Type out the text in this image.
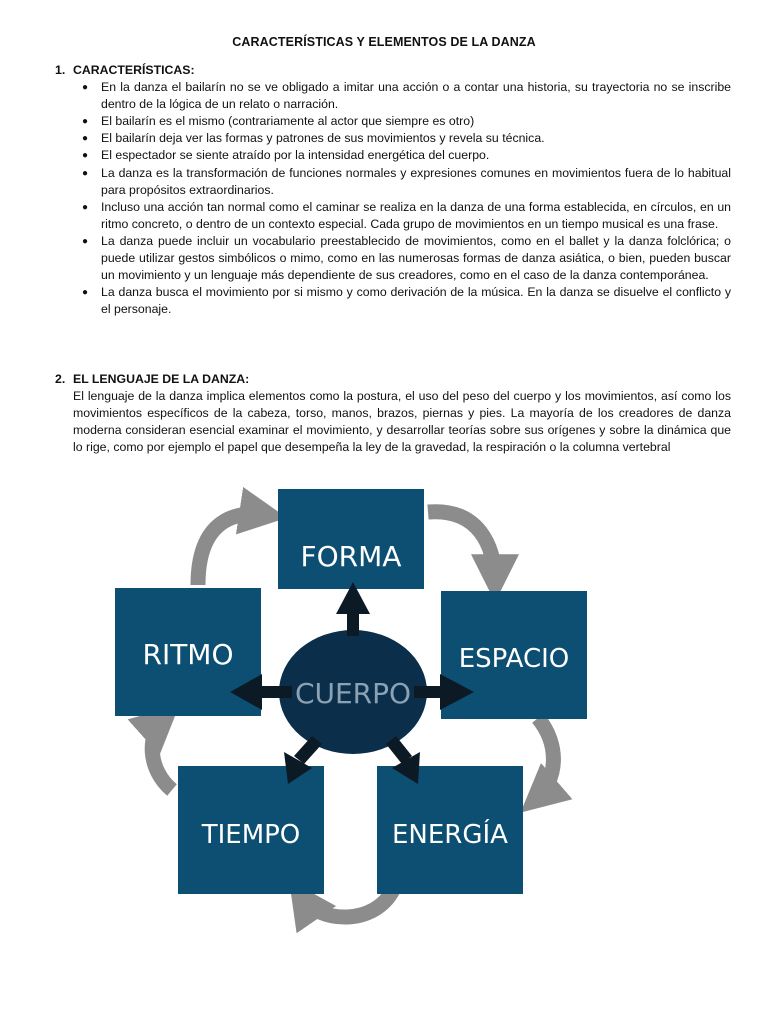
CARACTERÍSTICAS Y ELEMENTOS DE LA DANZA
1. CARACTERÍSTICAS:
● En la danza el bailarín no se ve obligado a imitar una acción o a contar una historia, su trayectoria no se inscribe dentro de la lógica de un relato o narración.
● El bailarín es el mismo (contrariamente al actor que siempre es otro)
● El bailarín deja ver las formas y patrones de sus movimientos y revela su técnica.
● El espectador se siente atraído por la intensidad energética del cuerpo.
● La danza es la transformación de funciones normales y expresiones comunes en movimientos fuera de lo habitual para propósitos extraordinarios.
● Incluso una acción tan normal como el caminar se realiza en la danza de una forma establecida, en círculos, en un ritmo concreto, o dentro de un contexto especial. Cada grupo de movimientos en un tiempo musical es una frase.
● La danza puede incluir un vocabulario preestablecido de movimientos, como en el ballet y la danza folclórica; o puede utilizar gestos simbólicos o mimo, como en las numerosas formas de danza asiática, o bien, pueden buscar un movimiento y un lenguaje más dependiente de sus creadores, como en el caso de la danza contemporánea.
● La danza busca el movimiento por si mismo y como derivación de la música. En la danza se disuelve el conflicto y el personaje.
2. EL LENGUAJE DE LA DANZA:
El lenguaje de la danza implica elementos como la postura, el uso del peso del cuerpo y los movimientos, así como los movimientos específicos de la cabeza, torso, manos, brazos, piernas y pies. La mayoría de los creadores de danza moderna consideran esencial examinar el movimiento, y desarrollar teorías sobre sus orígenes y sobre la dinámica que lo rige, como por ejemplo el papel que desempeña la ley de la gravedad, la respiración o la columna vertebral
FORMA
RITMO	ESPACIO
TIEMPO	ENERGÍA
CUERPO
